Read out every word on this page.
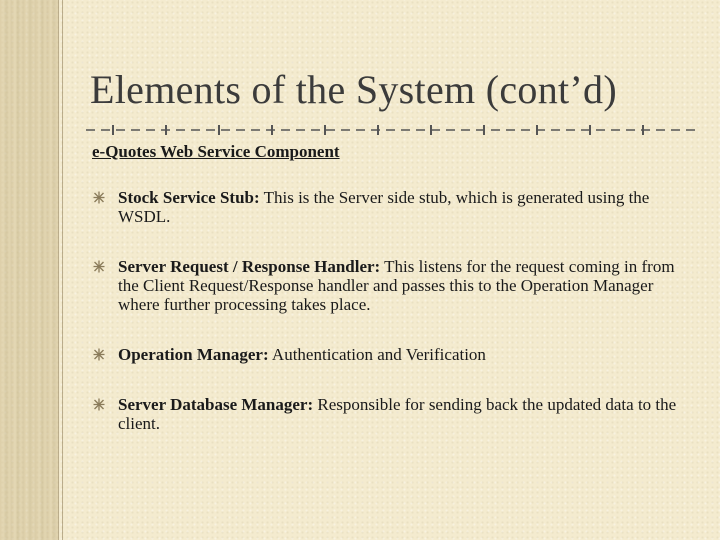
Elements of the System (cont’d)
e-Quotes Web Service Component
Stock Service Stub: This is the Server side stub, which is generated using the WSDL.
Server Request / Response Handler: This listens for the request coming in from the Client Request/Response handler and passes this to the Operation Manager where further processing takes place.
Operation Manager: Authentication and Verification
Server Database Manager: Responsible for sending back the updated data to the client.
